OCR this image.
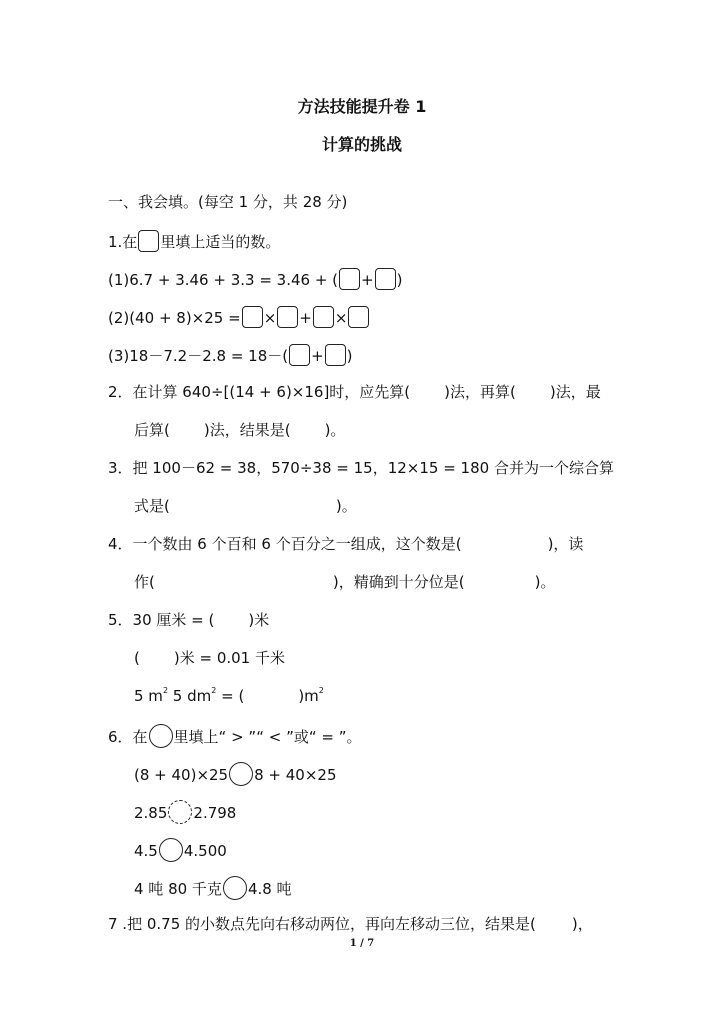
方法技能提升卷 1
计算的挑战
一、我会填。(每空 1 分，共 28 分)
1.在 里填上适当的数。
(1)6.7 + 3.46 + 3.3 = 3.46 + ( + )
(2)(40 + 8)×25 = × + ×
(3)18－7.2－2.8 = 18－( + )
2．在计算 640÷[(14 + 6)×16]时，应先算( )法，再算( )法，最
后算( )法，结果是( )。
3．把 100－62 = 38，570÷38 = 15，12×15 = 180 合并为一个综合算
式是(	)。
4．一个数由 6 个百和 6 个百分之一组成，这个数是(	)，读
作(	)，精确到十分位是(	)。
5．30 厘米 = ( )米
( )米 = 0.01 千米
5 $m^2$ 5 $dm^2$ = (	)$m^2$
6．在 里填上“ > ”“ < ”或“ = ”。
(8 + 40)×25 8 + 40×25
2.85 2.798
4.5 4.500
4 吨 80 千克 4.8 吨
7 .把 0.75 的小数点先向右移动两位，再向左移动三位，结果是( )，
1 / 7
